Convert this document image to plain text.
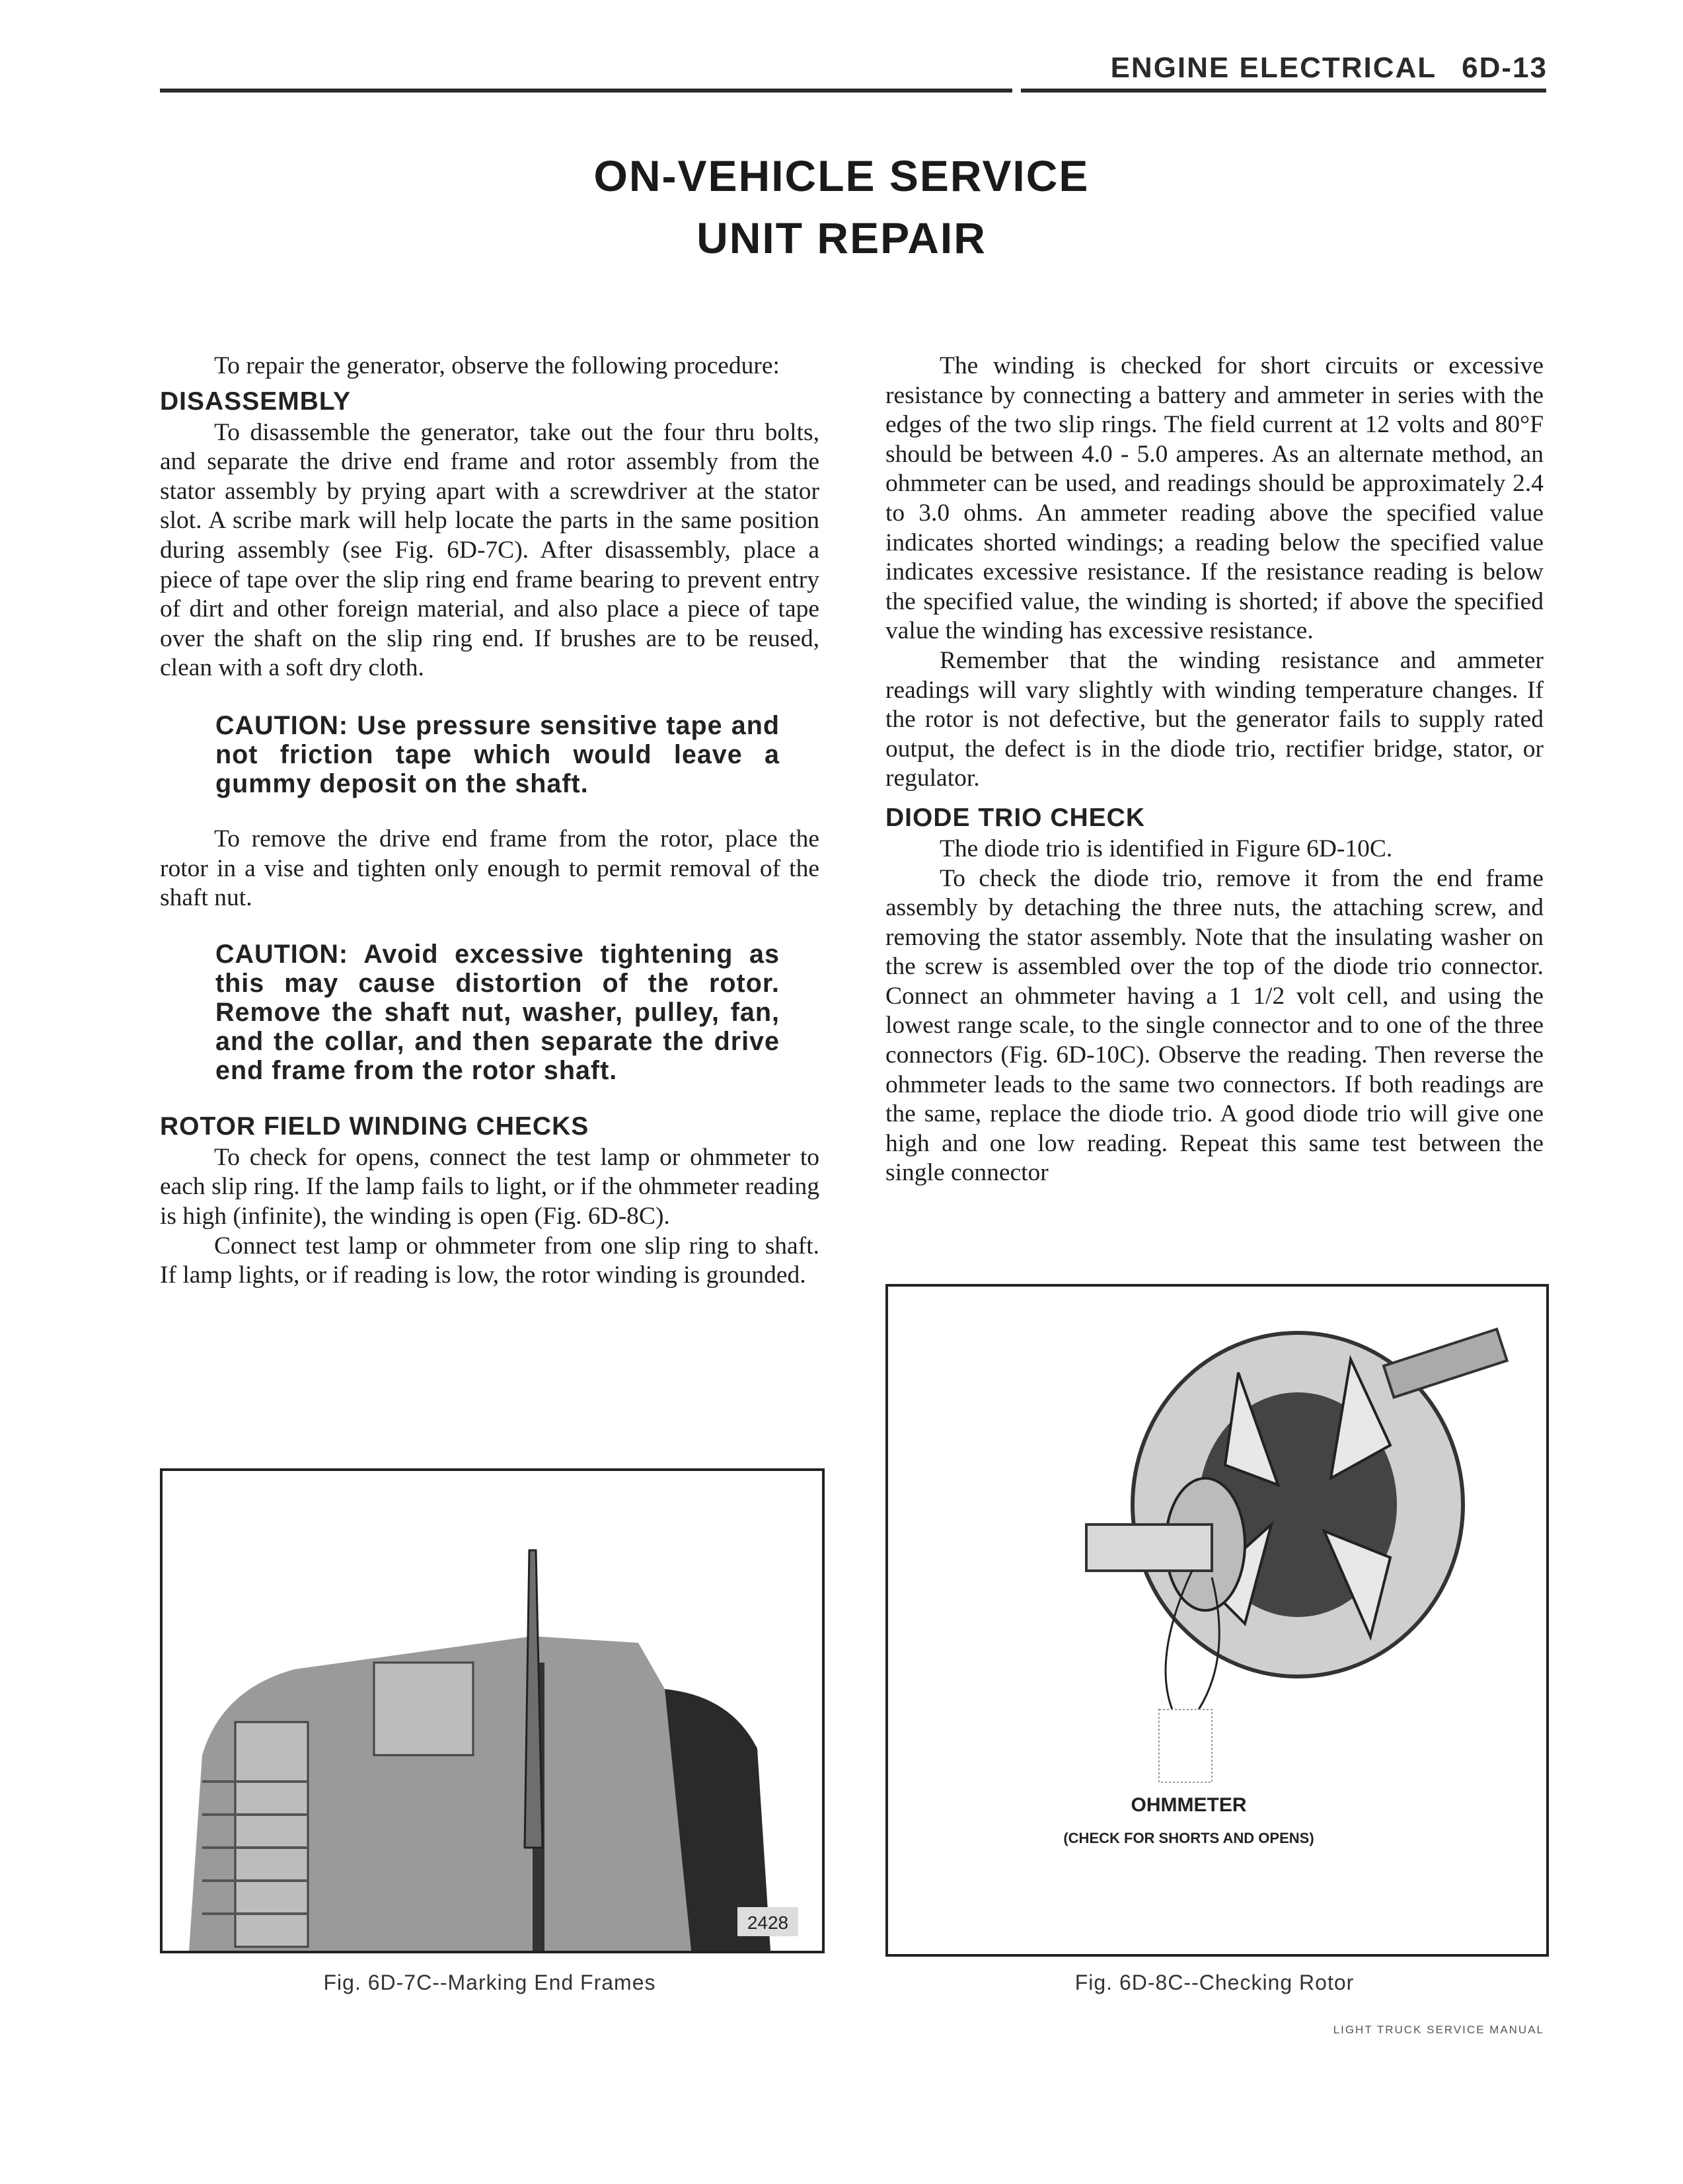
ENGINE ELECTRICAL 6D-13
ON-VEHICLE SERVICE
UNIT REPAIR

To repair the generator, observe the following procedure:

DISASSEMBLY

To disassemble the generator, take out the four thru bolts, and separate the drive end frame and rotor assembly from the stator assembly by prying apart with a screwdriver at the stator slot. A scribe mark will help locate the parts in the same position during assembly (see Fig. 6D-7C). After disassembly, place a piece of tape over the slip ring end frame bearing to prevent entry of dirt and other foreign material, and also place a piece of tape over the shaft on the slip ring end. If brushes are to be reused, clean with a soft dry cloth.

CAUTION: Use pressure sensitive tape and not friction tape which would leave a gummy deposit on the shaft.

To remove the drive end frame from the rotor, place the rotor in a vise and tighten only enough to permit removal of the shaft nut.

CAUTION: Avoid excessive tightening as this may cause distortion of the rotor. Remove the shaft nut, washer, pulley, fan, and the collar, and then separate the drive end frame from the rotor shaft.
ROTOR FIELD WINDING CHECKS

To check for opens, connect the test lamp or ohmmeter to each slip ring. If the lamp fails to light, or if the ohmmeter reading is high (infinite), the winding is open (Fig. 6D-8C).

Connect test lamp or ohmmeter from one slip ring to shaft. If lamp lights, or if reading is low, the rotor winding is grounded.

The winding is checked for short circuits or excessive resistance by connecting a battery and ammeter in series with the edges of the two slip rings. The field current at 12 volts and 80°F should be between 4.0 - 5.0 amperes. As an alternate method, an ohmmeter can be used, and readings should be approximately 2.4 to 3.0 ohms. An ammeter reading above the specified value indicates shorted windings; a reading below the specified value indicates excessive resistance. If the resistance reading is below the specified value, the winding is shorted; if above the specified value the winding has excessive resistance.

Remember that the winding resistance and ammeter readings will vary slightly with winding temperature changes. If the rotor is not defective, but the generator fails to supply rated output, the defect is in the diode trio, rectifier bridge, stator, or regulator.

DIODE TRIO CHECK

The diode trio is identified in Figure 6D-10C.

To check the diode trio, remove it from the end frame assembly by detaching the three nuts, the attaching screw, and removing the stator assembly. Note that the insulating washer on the screw is assembled over the top of the diode trio connector. Connect an ohmmeter having a 1 1/2 volt cell, and using the lowest range scale, to the single connector and to one of the three connectors (Fig. 6D-10C). Observe the reading. Then reverse the ohmmeter leads to the same two connectors. If both readings are the same, replace the diode trio. A good diode trio will give one high and one low reading. Repeat this same test between the single connector

2428
Fig. 6D-7C--Marking End Frames
OHMMETER
(CHECK FOR SHORTS AND OPENS)
Fig. 6D-8C--Checking Rotor
LIGHT TRUCK SERVICE MANUAL
